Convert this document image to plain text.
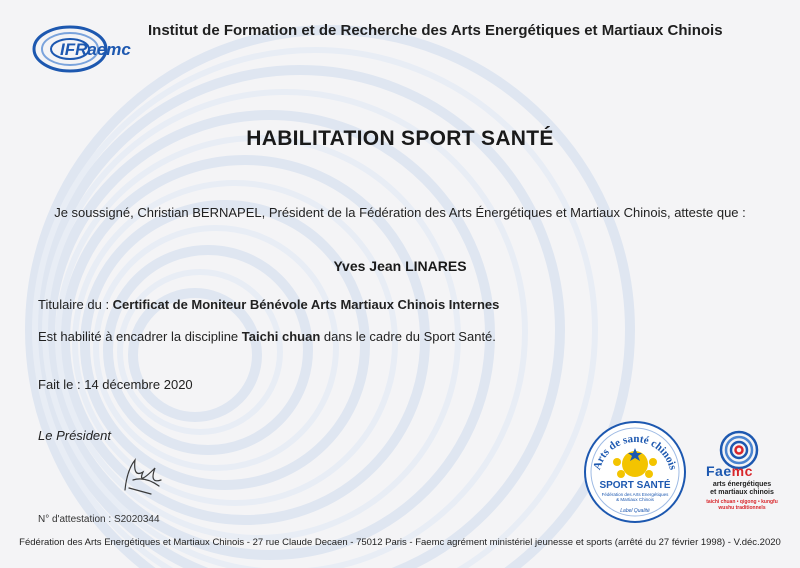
IFRaemc
Institut de Formation et de Recherche des Arts Energétiques et Martiaux Chinois
HABILITATION SPORT SANTÉ
Je soussigné, Christian BERNAPEL, Président de la Fédération des Arts Énergétiques et Martiaux Chinois, atteste que :
Yves Jean LINARES
Titulaire du : Certificat de Moniteur Bénévole Arts Martiaux Chinois Internes
Est habilité à encadrer la discipline Taichi chuan dans le cadre du Sport Santé.
Fait le : 14 décembre 2020
Le Président
Arts de santé chinois
SPORT SANTÉ
Fédération des Arts Energétiques
& Martiaux Chinois
Label Qualité
Faemc
arts énergétiques
et martiaux chinois
taichi chuan • qigong • kungfu wushu traditionnels
N° d'attestation : S2020344
Fédération des Arts Energétiques et Martiaux Chinois - 27 rue Claude Decaen - 75012 Paris - Faemc agrément ministériel jeunesse et sports (arrêté du 27 février 1998) - V.déc.2020
